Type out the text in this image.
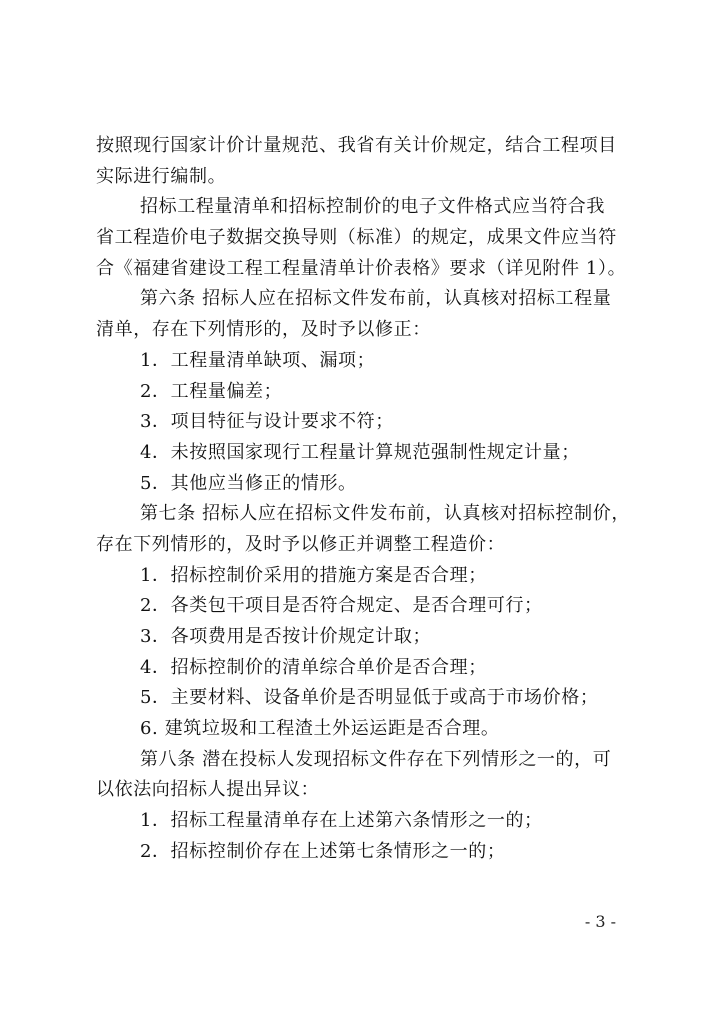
按照现行国家计价计量规范、我省有关计价规定，结合工程项目
实际进行编制。
招标工程量清单和招标控制价的电子文件格式应当符合我
省工程造价电子数据交换导则（标准）的规定，成果文件应当符
合《福建省建设工程工程量清单计价表格》要求（详见附件 1）。
第六条 招标人应在招标文件发布前，认真核对招标工程量
清单，存在下列情形的，及时予以修正：
1．工程量清单缺项、漏项；
2．工程量偏差；
3．项目特征与设计要求不符；
4．未按照国家现行工程量计算规范强制性规定计量；
5．其他应当修正的情形。
第七条 招标人应在招标文件发布前，认真核对招标控制价，
存在下列情形的，及时予以修正并调整工程造价：
1．招标控制价采用的措施方案是否合理；
2．各类包干项目是否符合规定、是否合理可行；
3．各项费用是否按计价规定计取；
4．招标控制价的清单综合单价是否合理；
5．主要材料、设备单价是否明显低于或高于市场价格；
6. 建筑垃圾和工程渣土外运运距是否合理。
第八条 潜在投标人发现招标文件存在下列情形之一的，可
以依法向招标人提出异议：
1．招标工程量清单存在上述第六条情形之一的；
2．招标控制价存在上述第七条情形之一的；
- 3 -
